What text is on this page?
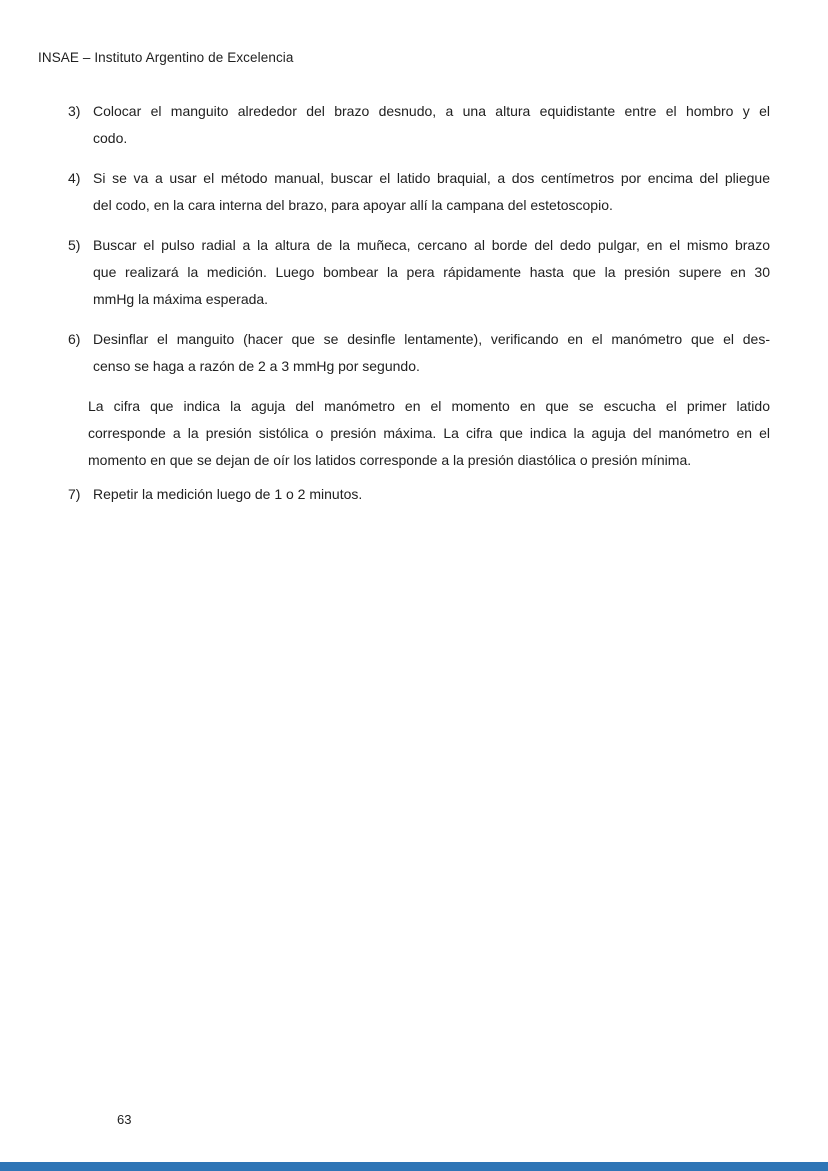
INSAE – Instituto Argentino de Excelencia
3) Colocar el manguito alrededor del brazo desnudo, a una altura equidistante entre el hombro y el
codo.
4) Si se va a usar el método manual, buscar el latido braquial, a dos centímetros por encima del pliegue
del codo, en la cara interna del brazo, para apoyar allí la campana del estetoscopio.
5) Buscar el pulso radial a la altura de la muñeca, cercano al borde del dedo pulgar, en el mismo brazo
que realizará la medición. Luego bombear la pera rápidamente hasta que la presión supere en 30
mmHg la máxima esperada.
6) Desinflar el manguito (hacer que se desinfle lentamente), verificando en el manómetro que el des-
censo se haga a razón de 2 a 3 mmHg por segundo.
La cifra que indica la aguja del manómetro en el momento en que se escucha el primer latido
corresponde a la presión sistólica o presión máxima. La cifra que indica la aguja del manómetro en el
momento en que se dejan de oír los latidos corresponde a la presión diastólica o presión mínima.
7) Repetir la medición luego de 1 o 2 minutos.
63
